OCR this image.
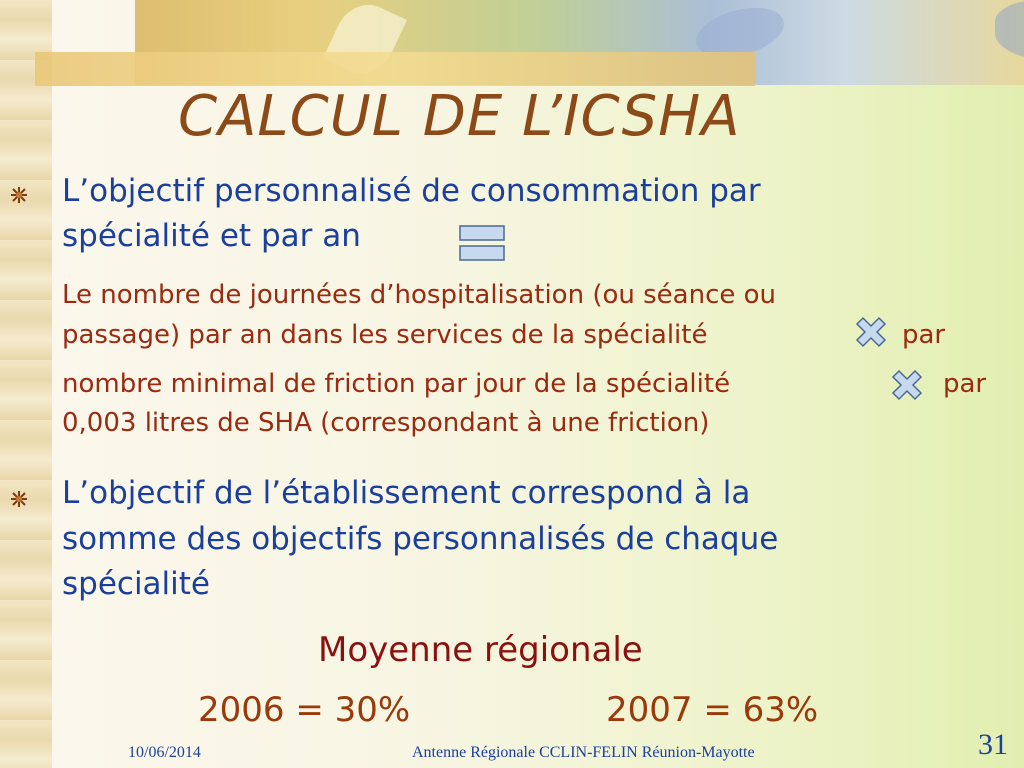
CALCUL DE L’ICSHA
L’objectif personnalisé de consommation par
spécialité et par an
Le nombre de journées d’hospitalisation (ou séance ou
passage) par an dans les services de la spécialité	par
nombre minimal de friction par jour de la spécialité	par
0,003 litres de SHA (correspondant à une friction)
L’objectif de l’établissement correspond à la
somme des objectifs personnalisés de chaque
spécialité
Moyenne régionale
2006 = 30%	2007 = 63%
10/06/2014	Antenne Régionale CCLIN-FELIN Réunion-Mayotte	31
